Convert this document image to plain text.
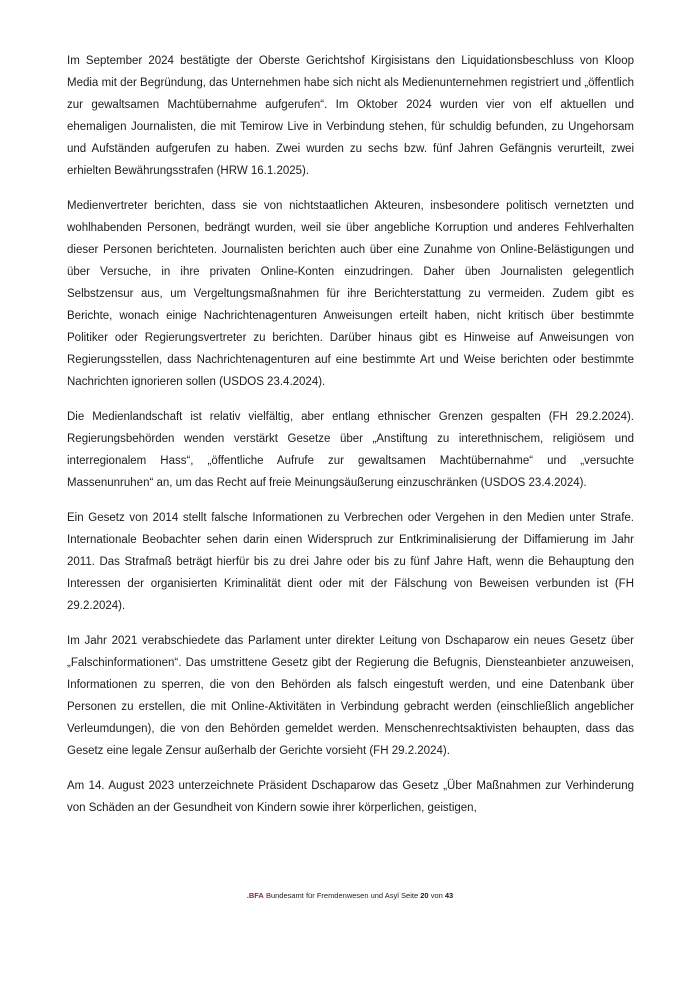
Im September 2024 bestätigte der Oberste Gerichtshof Kirgisistans den Liquidationsbeschluss von Kloop Media mit der Begründung, das Unternehmen habe sich nicht als Medienunternehmen registriert und „öffentlich zur gewaltsamen Machtübernahme aufgerufen“. Im Oktober 2024 wurden vier von elf aktuellen und ehemaligen Journalisten, die mit Temirow Live in Verbindung stehen, für schuldig befunden, zu Ungehorsam und Aufständen aufgerufen zu haben. Zwei wurden zu sechs bzw. fünf Jahren Gefängnis verurteilt, zwei erhielten Bewährungsstrafen (HRW 16.1.2025).

Medienvertreter berichten, dass sie von nichtstaatlichen Akteuren, insbesondere politisch vernetzten und wohlhabenden Personen, bedrängt wurden, weil sie über angebliche Korruption und anderes Fehlverhalten dieser Personen berichteten. Journalisten berichten auch über eine Zunahme von Online-Belästigungen und über Versuche, in ihre privaten Online-Konten einzudringen. Daher üben Journalisten gelegentlich Selbstzensur aus, um Vergeltungsmaßnahmen für ihre Berichterstattung zu vermeiden. Zudem gibt es Berichte, wonach einige Nachrichtenagenturen Anweisungen erteilt haben, nicht kritisch über bestimmte Politiker oder Regierungsvertreter zu berichten. Darüber hinaus gibt es Hinweise auf Anweisungen von Regierungsstellen, dass Nachrichtenagenturen auf eine bestimmte Art und Weise berichten oder bestimmte Nachrichten ignorieren sollen (USDOS 23.4.2024).

Die Medienlandschaft ist relativ vielfältig, aber entlang ethnischer Grenzen gespalten (FH 29.2.2024). Regierungsbehörden wenden verstärkt Gesetze über „Anstiftung zu interethnischem, religiösem und interregionalem Hass“, „öffentliche Aufrufe zur gewaltsamen Machtübernahme“ und „versuchte Massenunruhen“ an, um das Recht auf freie Meinungsäußerung einzuschränken (USDOS 23.4.2024).

Ein Gesetz von 2014 stellt falsche Informationen zu Verbrechen oder Vergehen in den Medien unter Strafe. Internationale Beobachter sehen darin einen Widerspruch zur Entkriminalisierung der Diffamierung im Jahr 2011. Das Strafmaß beträgt hierfür bis zu drei Jahre oder bis zu fünf Jahre Haft, wenn die Behauptung den Interessen der organisierten Kriminalität dient oder mit der Fälschung von Beweisen verbunden ist (FH 29.2.2024).

Im Jahr 2021 verabschiedete das Parlament unter direkter Leitung von Dschaparow ein neues Gesetz über „Falschinformationen“. Das umstrittene Gesetz gibt der Regierung die Befugnis, Diensteanbieter anzuweisen, Informationen zu sperren, die von den Behörden als falsch eingestuft werden, und eine Datenbank über Personen zu erstellen, die mit Online-Aktivitäten in Verbindung gebracht werden (einschließlich angeblicher Verleumdungen), die von den Behörden gemeldet werden. Menschenrechtsaktivisten behaupten, dass das Gesetz eine legale Zensur außerhalb der Gerichte vorsieht (FH 29.2.2024).

Am 14. August 2023 unterzeichnete Präsident Dschaparow das Gesetz „Über Maßnahmen zur Verhinderung von Schäden an der Gesundheit von Kindern sowie ihrer körperlichen, geistigen,

.BFA Bundesamt für Fremdenwesen und Asyl Seite 20 von 43
